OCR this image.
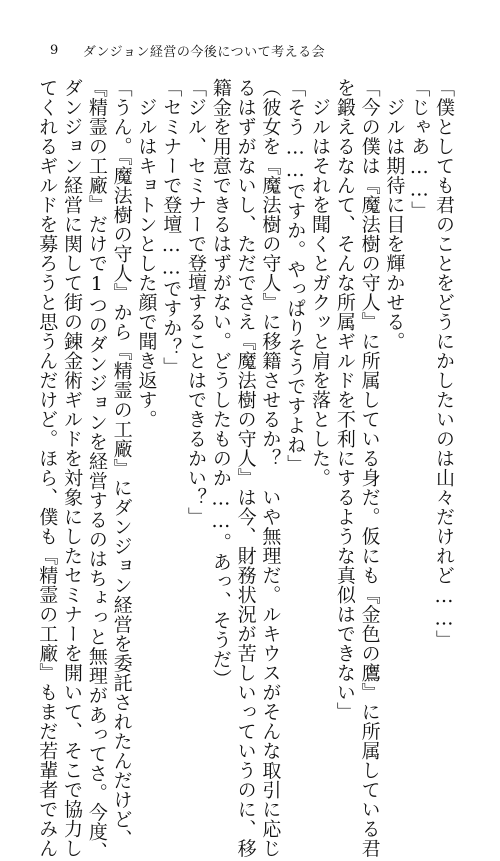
9 ダンジョン経営の今後について考える会
「僕としても君のことをどうにかしたいのは山々だけれど……」
「じゃあ……」
　ジルは期待に目を輝かせる。
「今の僕は『魔法樹の守人』に所属している身だ。仮にも『金色の鷹』に所属している君
を鍛えるなんて、そんな所属ギルドを不利にするような真似はできない」
　ジルはそれを聞くとガクッと肩を落とした。
「そう……ですか。やっぱりそうですよね」
（彼女を『魔法樹の守人』に移籍させるか？　いや無理だ。ルキウスがそんな取引に応じ
るはずがないし、ただでさえ『魔法樹の守人』は今、財務状況が苦しいっていうのに、移
籍金を用意できるはずがない。どうしたものか……。あっ、そうだ）
「ジル、セミナーで登壇することはできるかい？」
「セミナーで登壇……ですか？」
　ジルはキョトンとした顔で聞き返す。
「うん。『魔法樹の守人』から『精霊の工廠』にダンジョン経営を委託されたんだけど、
『精霊の工廠』だけで1つのダンジョンを経営するのはちょっと無理があってさ。今度、
ダンジョン経営に関して街の錬金術ギルドを対象にしたセミナーを開いて、そこで協力し
てくれるギルドを募ろうと思うんだけど。ほら、僕も『精霊の工廠』もまだ若輩者でみん
